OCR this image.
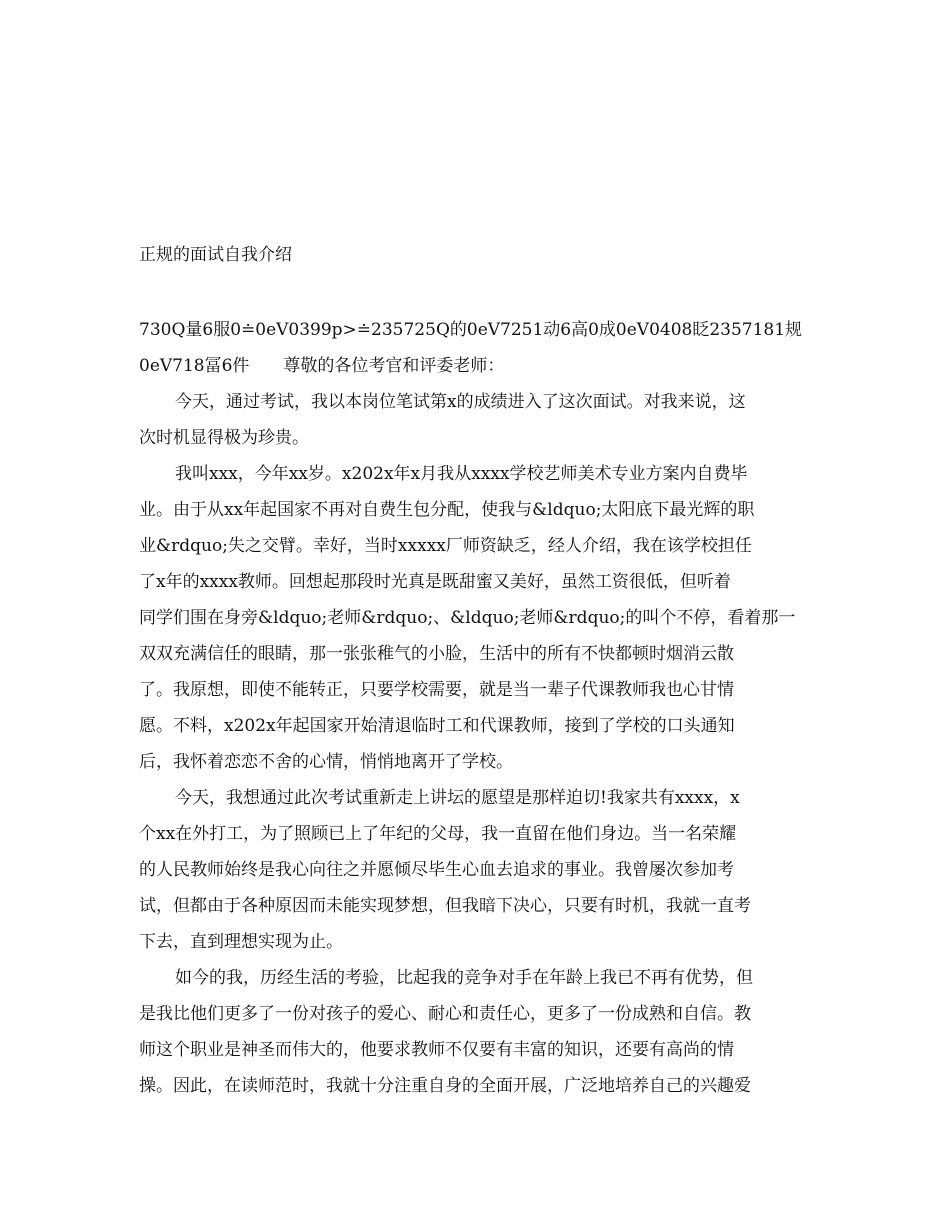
正规的面试自我介绍
730Q量6服0≐0eV0399p>≐235725Q的0eV7251动6高0成0eV0408眨2357181规
0eV718冨6件　　尊敬的各位考官和评委老师：
今天，通过考试，我以本岗位笔试第x的成绩进入了这次面试。对我来说，这
次时机显得极为珍贵。
我叫xxx，今年xx岁。x202x年x月我从xxxx学校艺师美术专业方案内自费毕
业。由于从xx年起国家不再对自费生包分配，使我与&ldquo;太阳底下最光辉的职
业&rdquo;失之交臂。幸好，当时xxxxx厂师资缺乏，经人介绍，我在该学校担任
了x年的xxxx教师。回想起那段时光真是既甜蜜又美好，虽然工资很低，但听着
同学们围在身旁&ldquo;老师&rdquo;、&ldquo;老师&rdquo;的叫个不停，看着那一
双双充满信任的眼睛，那一张张稚气的小脸，生活中的所有不快都顿时烟消云散
了。我原想，即使不能转正，只要学校需要，就是当一辈子代课教师我也心甘情
愿。不料，x202x年起国家开始清退临时工和代课教师，接到了学校的口头通知
后，我怀着恋恋不舍的心情，悄悄地离开了学校。
今天，我想通过此次考试重新走上讲坛的愿望是那样迫切!我家共有xxxx，x
个xx在外打工，为了照顾已上了年纪的父母，我一直留在他们身边。当一名荣耀
的人民教师始终是我心向往之并愿倾尽毕生心血去追求的事业。我曾屡次参加考
试，但都由于各种原因而未能实现梦想，但我暗下决心，只要有时机，我就一直考
下去，直到理想实现为止。
如今的我，历经生活的考验，比起我的竞争对手在年龄上我已不再有优势，但
是我比他们更多了一份对孩子的爱心、耐心和责任心，更多了一份成熟和自信。教
师这个职业是神圣而伟大的，他要求教师不仅要有丰富的知识，还要有高尚的情
操。因此，在读师范时，我就十分注重自身的全面开展，广泛地培养自己的兴趣爱
